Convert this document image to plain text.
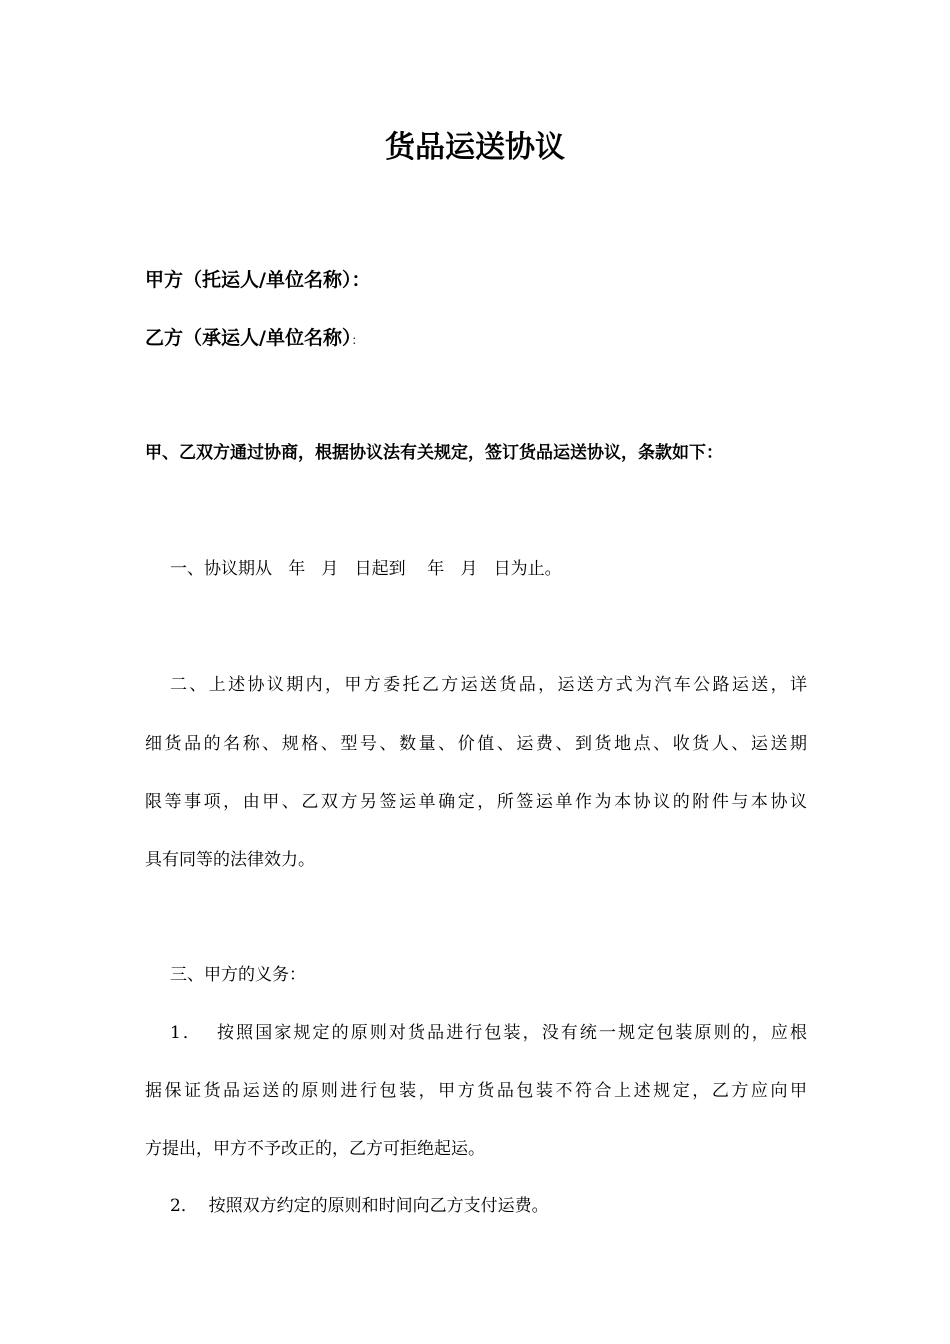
货品运送协议
甲方（托运人/单位名称）：
乙方（承运人/单位名称）：
甲、乙双方通过协商，根据协议法有关规定，签订货品运送协议，条款如下：
一、协议期从   年   月   日起到    年   月   日为止。
二、上述协议期内，甲方委托乙方运送货品，运送方式为汽车公路运送，详
细货品的名称、规格、型号、数量、价值、运费、到货地点、收货人、运送期
限等事项，由甲、乙双方另签运单确定，所签运单作为本协议的附件与本协议
具有同等的法律效力。
三、甲方的义务：
1．  按照国家规定的原则对货品进行包装，没有统一规定包装原则的，应根
据保证货品运送的原则进行包装，甲方货品包装不符合上述规定，乙方应向甲
方提出，甲方不予改正的，乙方可拒绝起运。
2．  按照双方约定的原则和时间向乙方支付运费。
